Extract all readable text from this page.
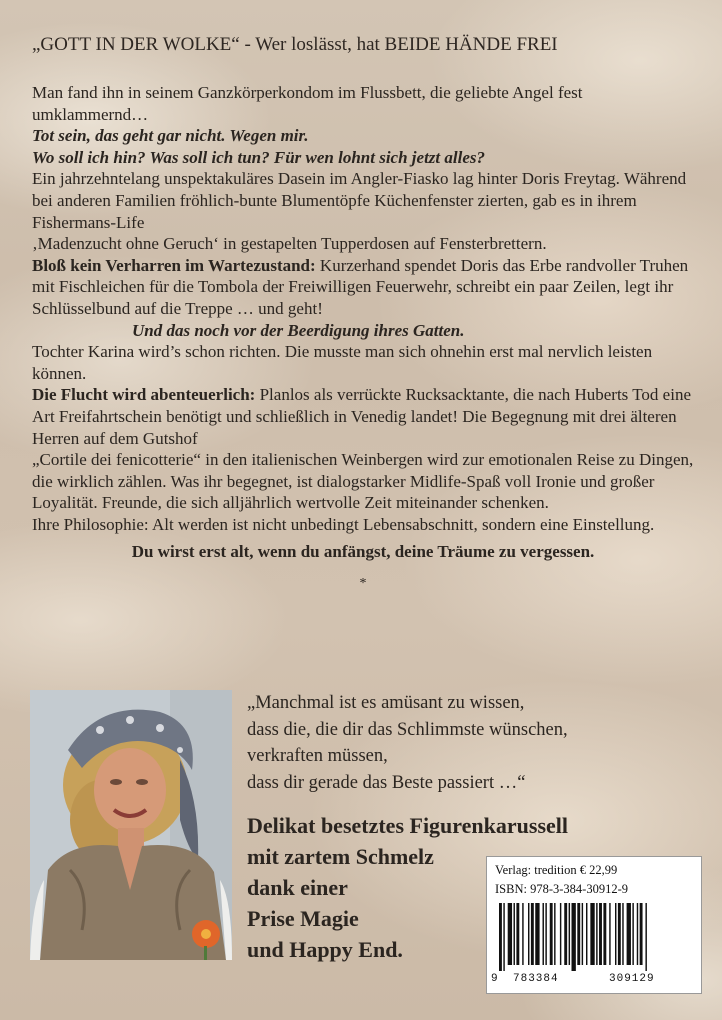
„GOTT IN DER WOLKE“ - Wer loslässt, hat BEIDE HÄNDE FREI

Man fand ihn in seinem Ganzkörperkondom im Flussbett, die geliebte Angel fest umklammernd…

Tot sein, das geht gar nicht. Wegen mir.

Wo soll ich hin? Was soll ich tun? Für wen lohnt sich jetzt alles?

Ein jahrzehntelang unspektakuläres Dasein im Angler-Fiasko lag hinter Doris Freytag. Während bei anderen Familien fröhlich-bunte Blumentöpfe Küchenfenster zierten, gab es in ihrem Fishermans-Life

‚Madenzucht ohne Geruch‘ in gestapelten Tupperdosen auf Fensterbrettern.

Bloß kein Verharren im Wartezustand: Kurzerhand spendet Doris das Erbe randvoller Truhen mit Fischleichen für die Tombola der Freiwilligen Feuerwehr, schreibt ein paar Zeilen, legt ihr Schlüsselbund auf die Treppe … und geht!

Und das noch vor der Beerdigung ihres Gatten.

Tochter Karina wird’s schon richten. Die musste man sich ohnehin erst mal nervlich leisten können.

Die Flucht wird abenteuerlich: Planlos als verrückte Rucksacktante, die nach Huberts Tod eine Art Freifahrtschein benötigt und schließlich in Venedig landet! Die Begegnung mit drei älteren Herren auf dem Gutshof

„Cortile dei fenicotterie“ in den italienischen Weinbergen wird zur emotionalen Reise zu Dingen, die wirklich zählen. Was ihr begegnet, ist dialogstarker Midlife-Spaß voll Ironie und großer Loyalität. Freunde, die sich alljährlich wertvolle Zeit miteinander schenken.

Ihre Philosophie: Alt werden ist nicht unbedingt Lebensabschnitt, sondern eine Einstellung.

Du wirst erst alt, wenn du anfängst, deine Träume zu vergessen.

*

„Manchmal ist es amüsant zu wissen,

dass die, die dir das Schlimmste wünschen,

verkraften müssen,

dass dir gerade das Beste passiert …“

Delikat besetztes Figurenkarussell

mit zartem Schmelz

dank einer

Prise Magie

und Happy End.

Verlag: tredition € 22,99
ISBN: 978-3-384-30912-9
9 783384	309129
